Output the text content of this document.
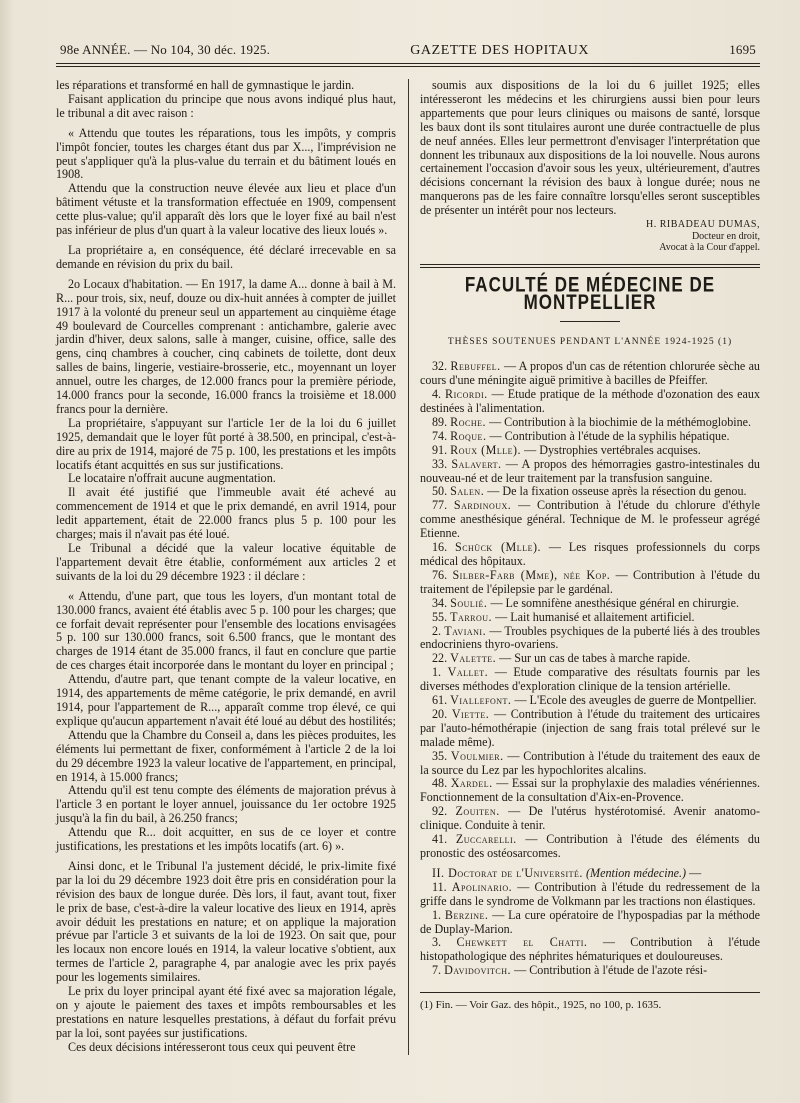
98e ANNÉE. — No 104, 30 déc. 1925.	GAZETTE DES HOPITAUX	1695

les réparations et transformé en hall de gymnastique le jardin.

Faisant application du principe que nous avons indiqué plus haut, le tribunal a dit avec raison :

« Attendu que toutes les réparations, tous les impôts, y compris l'impôt foncier, toutes les charges étant dus par X..., l'imprévision ne peut s'appliquer qu'à la plus-value du terrain et du bâtiment loués en 1908.

Attendu que la construction neuve élevée aux lieu et place d'un bâtiment vétuste et la transformation effectuée en 1909, compensent cette plus-value; qu'il apparaît dès lors que le loyer fixé au bail n'est pas inférieur de plus d'un quart à la valeur locative des lieux loués ».

La propriétaire a, en conséquence, été déclaré irrecevable en sa demande en révision du prix du bail.

2o Locaux d'habitation. — En 1917, la dame A... donne à bail à M. R... pour trois, six, neuf, douze ou dix-huit années à compter de juillet 1917 à la volonté du preneur seul un appartement au cinquième étage 49 boulevard de Courcelles comprenant : antichambre, galerie avec jardin d'hiver, deux salons, salle à manger, cuisine, office, salle des gens, cinq chambres à coucher, cinq cabinets de toilette, dont deux salles de bains, lingerie, vestiaire-brosserie, etc., moyennant un loyer annuel, outre les charges, de 12.000 francs pour la première période, 14.000 francs pour la seconde, 16.000 francs la troisième et 18.000 francs pour la dernière.

La propriétaire, s'appuyant sur l'article 1er de la loi du 6 juillet 1925, demandait que le loyer fût porté à 38.500, en principal, c'est-à-dire au prix de 1914, majoré de 75 p. 100, les prestations et les impôts locatifs étant acquittés en sus sur justifications.

Le locataire n'offrait aucune augmentation.

Il avait été justifié que l'immeuble avait été achevé au commencement de 1914 et que le prix demandé, en avril 1914, pour ledit appartement, était de 22.000 francs plus 5 p. 100 pour les charges; mais il n'avait pas été loué.

Le Tribunal a décidé que la valeur locative équitable de l'appartement devait être établie, conformément aux articles 2 et suivants de la loi du 29 décembre 1923 : il déclare :

« Attendu, d'une part, que tous les loyers, d'un montant total de 130.000 francs, avaient été établis avec 5 p. 100 pour les charges; que ce forfait devait représenter pour l'ensemble des locations envisagées 5 p. 100 sur 130.000 francs, soit 6.500 francs, que le montant des charges de 1914 étant de 35.000 francs, il faut en conclure que partie de ces charges était incorporée dans le montant du loyer en principal ;

Attendu, d'autre part, que tenant compte de la valeur locative, en 1914, des appartements de même catégorie, le prix demandé, en avril 1914, pour l'appartement de R..., apparaît comme trop élevé, ce qui explique qu'aucun appartement n'avait été loué au début des hostilités;

Attendu que la Chambre du Conseil a, dans les pièces produites, les éléments lui permettant de fixer, conformément à l'article 2 de la loi du 29 décembre 1923 la valeur locative de l'appartement, en principal, en 1914, à 15.000 francs;

Attendu qu'il est tenu compte des éléments de majoration prévus à l'article 3 en portant le loyer annuel, jouissance du 1er octobre 1925 jusqu'à la fin du bail, à 26.250 francs;

Attendu que R... doit acquitter, en sus de ce loyer et contre justifications, les prestations et les impôts locatifs (art. 6) ».

Ainsi donc, et le Tribunal l'a justement décidé, le prix-limite fixé par la loi du 29 décembre 1923 doit être pris en considération pour la révision des baux de longue durée. Dès lors, il faut, avant tout, fixer le prix de base, c'est-à-dire la valeur locative des lieux en 1914, après avoir déduit les prestations en nature; et on applique la majoration prévue par l'article 3 et suivants de la loi de 1923. On sait que, pour les locaux non encore loués en 1914, la valeur locative s'obtient, aux termes de l'article 2, paragraphe 4, par analogie avec les prix payés pour les logements similaires.

Le prix du loyer principal ayant été fixé avec sa majoration légale, on y ajoute le paiement des taxes et impôts remboursables et les prestations en nature lesquelles prestations, à défaut du forfait prévu par la loi, sont payées sur justifications.

Ces deux décisions intéresseront tous ceux qui peuvent être

soumis aux dispositions de la loi du 6 juillet 1925; elles intéresseront les médecins et les chirurgiens aussi bien pour leurs appartements que pour leurs cliniques ou maisons de santé, lorsque les baux dont ils sont titulaires auront une durée contractuelle de plus de neuf années. Elles leur permettront d'envisager l'interprétation que donnent les tribunaux aux dispositions de la loi nouvelle. Nous aurons certainement l'occasion d'avoir sous les yeux, ultérieurement, d'autres décisions concernant la révision des baux à longue durée; nous ne manquerons pas de les faire connaître lorsqu'elles seront susceptibles de présenter un intérêt pour nos lecteurs.

H. RIBADEAU DUMAS,
Docteur en droit,
Avocat à la Cour d'appel.
FACULTÉ DE MÉDECINE DE MONTPELLIER
THÈSES SOUTENUES PENDANT L'ANNÉE 1924-1925 (1)

32. Rebuffel. — A propos d'un cas de rétention chlorurée sèche au cours d'une méningite aiguë primitive à bacilles de Pfeiffer.

4. Ricordi. — Etude pratique de la méthode d'ozonation des eaux destinées à l'alimentation.

89. Roche. — Contribution à la biochimie de la méthémoglobine.

74. Roque. — Contribution à l'étude de la syphilis hépatique.

91. Roux (Mlle). — Dystrophies vertébrales acquises.

33. Salavert. — A propos des hémorragies gastro-intestinales du nouveau-né et de leur traitement par la transfusion sanguine.

50. Salen. — De la fixation osseuse après la résection du genou.

77. Sardinoux. — Contribution à l'étude du chlorure d'éthyle comme anesthésique général. Technique de M. le professeur agrégé Etienne.

16. Schück (Mlle). — Les risques professionnels du corps médical des hôpitaux.

76. Silber-Farb (Mme), née Kop. — Contribution à l'étude du traitement de l'épilepsie par le gardénal.

34. Soulié. — Le somnifène anesthésique général en chirurgie.

55. Tarrou. — Lait humanisé et allaitement artificiel.

2. Taviani. — Troubles psychiques de la puberté liés à des troubles endocriniens thyro-ovariens.

22. Valette. — Sur un cas de tabes à marche rapide.

1. Vallet. — Etude comparative des résultats fournis par les diverses méthodes d'exploration clinique de la tension artérielle.

61. Viallefont. — L'Ecole des aveugles de guerre de Montpellier.

20. Viette. — Contribution à l'étude du traitement des urticaires par l'auto-hémothérapie (injection de sang frais total prélevé sur le malade même).

35. Voulmier. — Contribution à l'étude du traitement des eaux de la source du Lez par les hypochlorites alcalins.

48. Xardel. — Essai sur la prophylaxie des maladies vénériennes. Fonctionnement de la consultation d'Aix-en-Provence.

92. Zouiten. — De l'utérus hystérotomisé. Avenir anatomo-clinique. Conduite à tenir.

41. Zuccarelli. — Contribution à l'étude des éléments du pronostic des ostéosarcomes.

II. Doctorat de l'Université. (Mention médecine.) —

11. Apolinario. — Contribution à l'étude du redressement de la griffe dans le syndrome de Volkmann par les tractions non élastiques.

1. Berzine. — La cure opératoire de l'hypospadias par la méthode de Duplay-Marion.

3. Chewkett el Chatti. — Contribution à l'étude histopathologique des néphrites hématuriques et douloureuses.

7. Davidovitch. — Contribution à l'étude de l'azote rési-

(1) Fin. — Voir Gaz. des hôpit., 1925, no 100, p. 1635.
